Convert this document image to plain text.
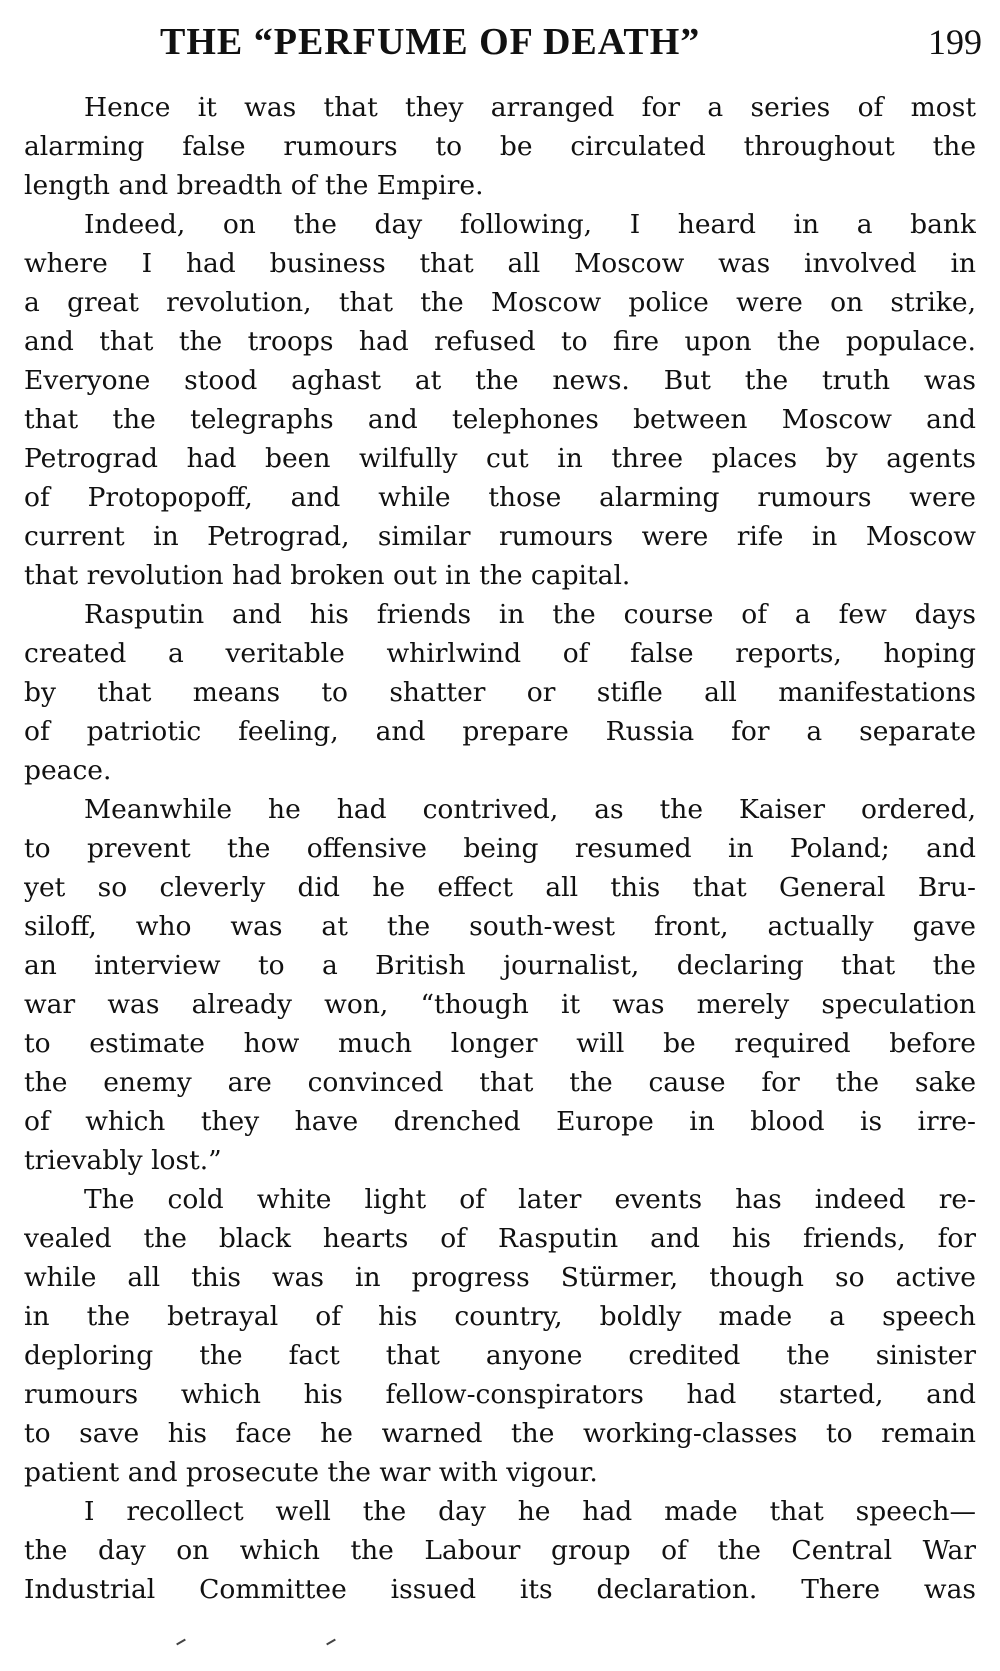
THE “PERFUME OF DEATH”	199
Hence it was that they arranged for a series of most
alarming false rumours to be circulated throughout the
length and breadth of the Empire.
Indeed, on the day following, I heard in a bank
where I had business that all Moscow was involved in
a great revolution, that the Moscow police were on strike,
and that the troops had refused to fire upon the populace.
Everyone stood aghast at the news. But the truth was
that the telegraphs and telephones between Moscow and
Petrograd had been wilfully cut in three places by agents
of Protopopoff, and while those alarming rumours were
current in Petrograd, similar rumours were rife in Moscow
that revolution had broken out in the capital.
Rasputin and his friends in the course of a few days
created a veritable whirlwind of false reports, hoping
by that means to shatter or stifle all manifestations
of patriotic feeling, and prepare Russia for a separate
peace.
Meanwhile he had contrived, as the Kaiser ordered,
to prevent the offensive being resumed in Poland; and
yet so cleverly did he effect all this that General Bru-
siloff, who was at the south-west front, actually gave
an interview to a British journalist, declaring that the
war was already won, “though it was merely speculation
to estimate how much longer will be required before
the enemy are convinced that the cause for the sake
of which they have drenched Europe in blood is irre-
trievably lost.”
The cold white light of later events has indeed re-
vealed the black hearts of Rasputin and his friends, for
while all this was in progress Stürmer, though so active
in the betrayal of his country, boldly made a speech
deploring the fact that anyone credited the sinister
rumours which his fellow-conspirators had started, and
to save his face he warned the working-classes to remain
patient and prosecute the war with vigour.
I recollect well the day he had made that speech—
the day on which the Labour group of the Central War
Industrial Committee issued its declaration. There was
